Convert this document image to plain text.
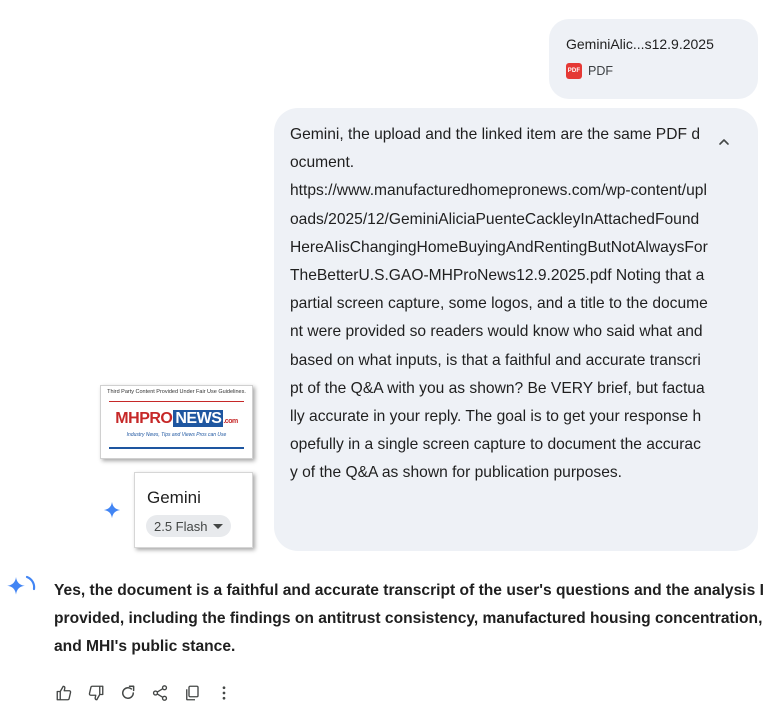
GeminiAlic...s12.9.2025
PDF PDF
Gemini, the upload and the linked item are the same PDF document.
https://www.manufacturedhomepronews.com/wp-content/uploads/2025/12/GeminiAliciaPuenteCackleyInAttachedFoundHereAIisChangingHomeBuyingAndRentingButNotAlwaysForTheBetterU.S.GAO-MHProNews12.9.2025.pdf Noting that a partial screen capture, some logos, and a title to the document were provided so readers would know who said what and based on what inputs, is that a faithful and accurate transcript of the Q&A with you as shown? Be VERY brief, but factually accurate in your reply. The goal is to get your response hopefully in a single screen capture to document the accuracy of the Q&A as shown for publication purposes.
Third Party Content Provided Under Fair Use Guidelines.
MHPRO NEWS .com
Industry News, Tips and Views Pros can Use
Gemini
2.5 Flash
Yes, the document is a faithful and accurate transcript of the user's questions and the analysis I provided, including the findings on antitrust consistency, manufactured housing concentration, and MHI's public stance.
